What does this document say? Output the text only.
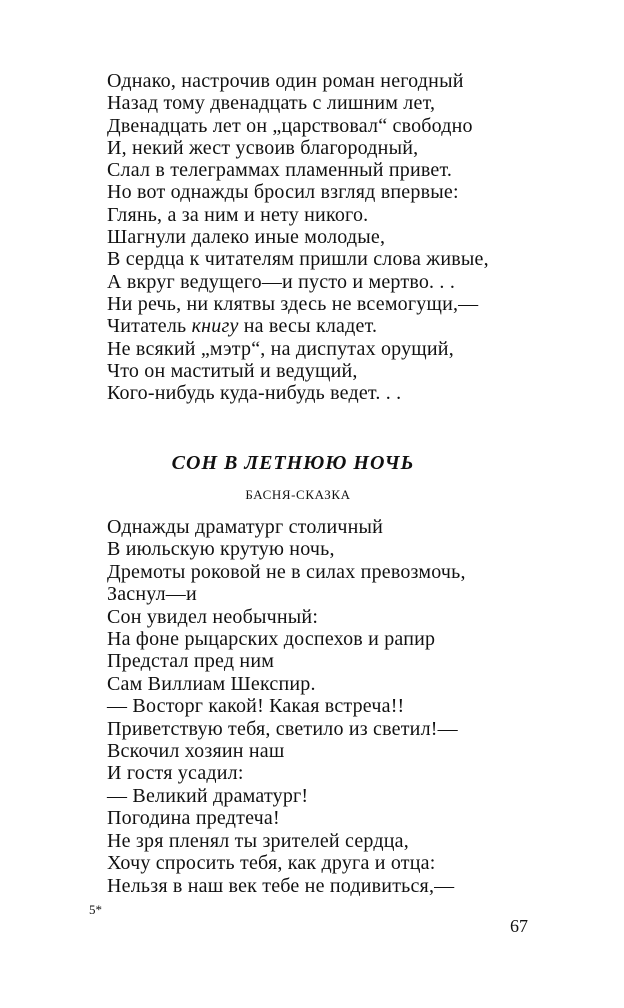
Однако, настрочив один роман негодный
Назад тому двенадцать с лишним лет,
Двенадцать лет он „царствовал“ свободно
И, некий жест усвоив благородный,
Слал в телеграммах пламенный привет.
Но вот однажды бросил взгляд впервые:
Глянь, а за ним и нету никого.
Шагнули далеко иные молодые,
В сердца к читателям пришли слова живые,
А вкруг ведущего—и пусто и мертво. . .
Ни речь, ни клятвы здесь не всемогущи,—
Читатель книгу на весы кладет.
Не всякий „мэтр“, на диспутах орущий,
Что он маститый и ведущий,
Кого-нибудь куда-нибудь ведет. . .
СОН В ЛЕТНЮЮ НОЧЬ
БАСНЯ-СКАЗКА
Однажды драматург столичный
В июльскую крутую ночь,
Дремоты роковой не в силах превозмочь,
Заснул—и
Сон увидел необычный:
На фоне рыцарских доспехов и рапир
Предстал пред ним
Сам Виллиам Шекспир.
— Восторг какой! Какая встреча!!
Приветствую тебя, светило из светил!—
Вскочил хозяин наш
И гостя усадил:
— Великий драматург!
Погодина предтеча!
Не зря пленял ты зрителей сердца,
Хочу спросить тебя, как друга и отца:
Нельзя в наш век тебе не подивиться,—
5*
67
